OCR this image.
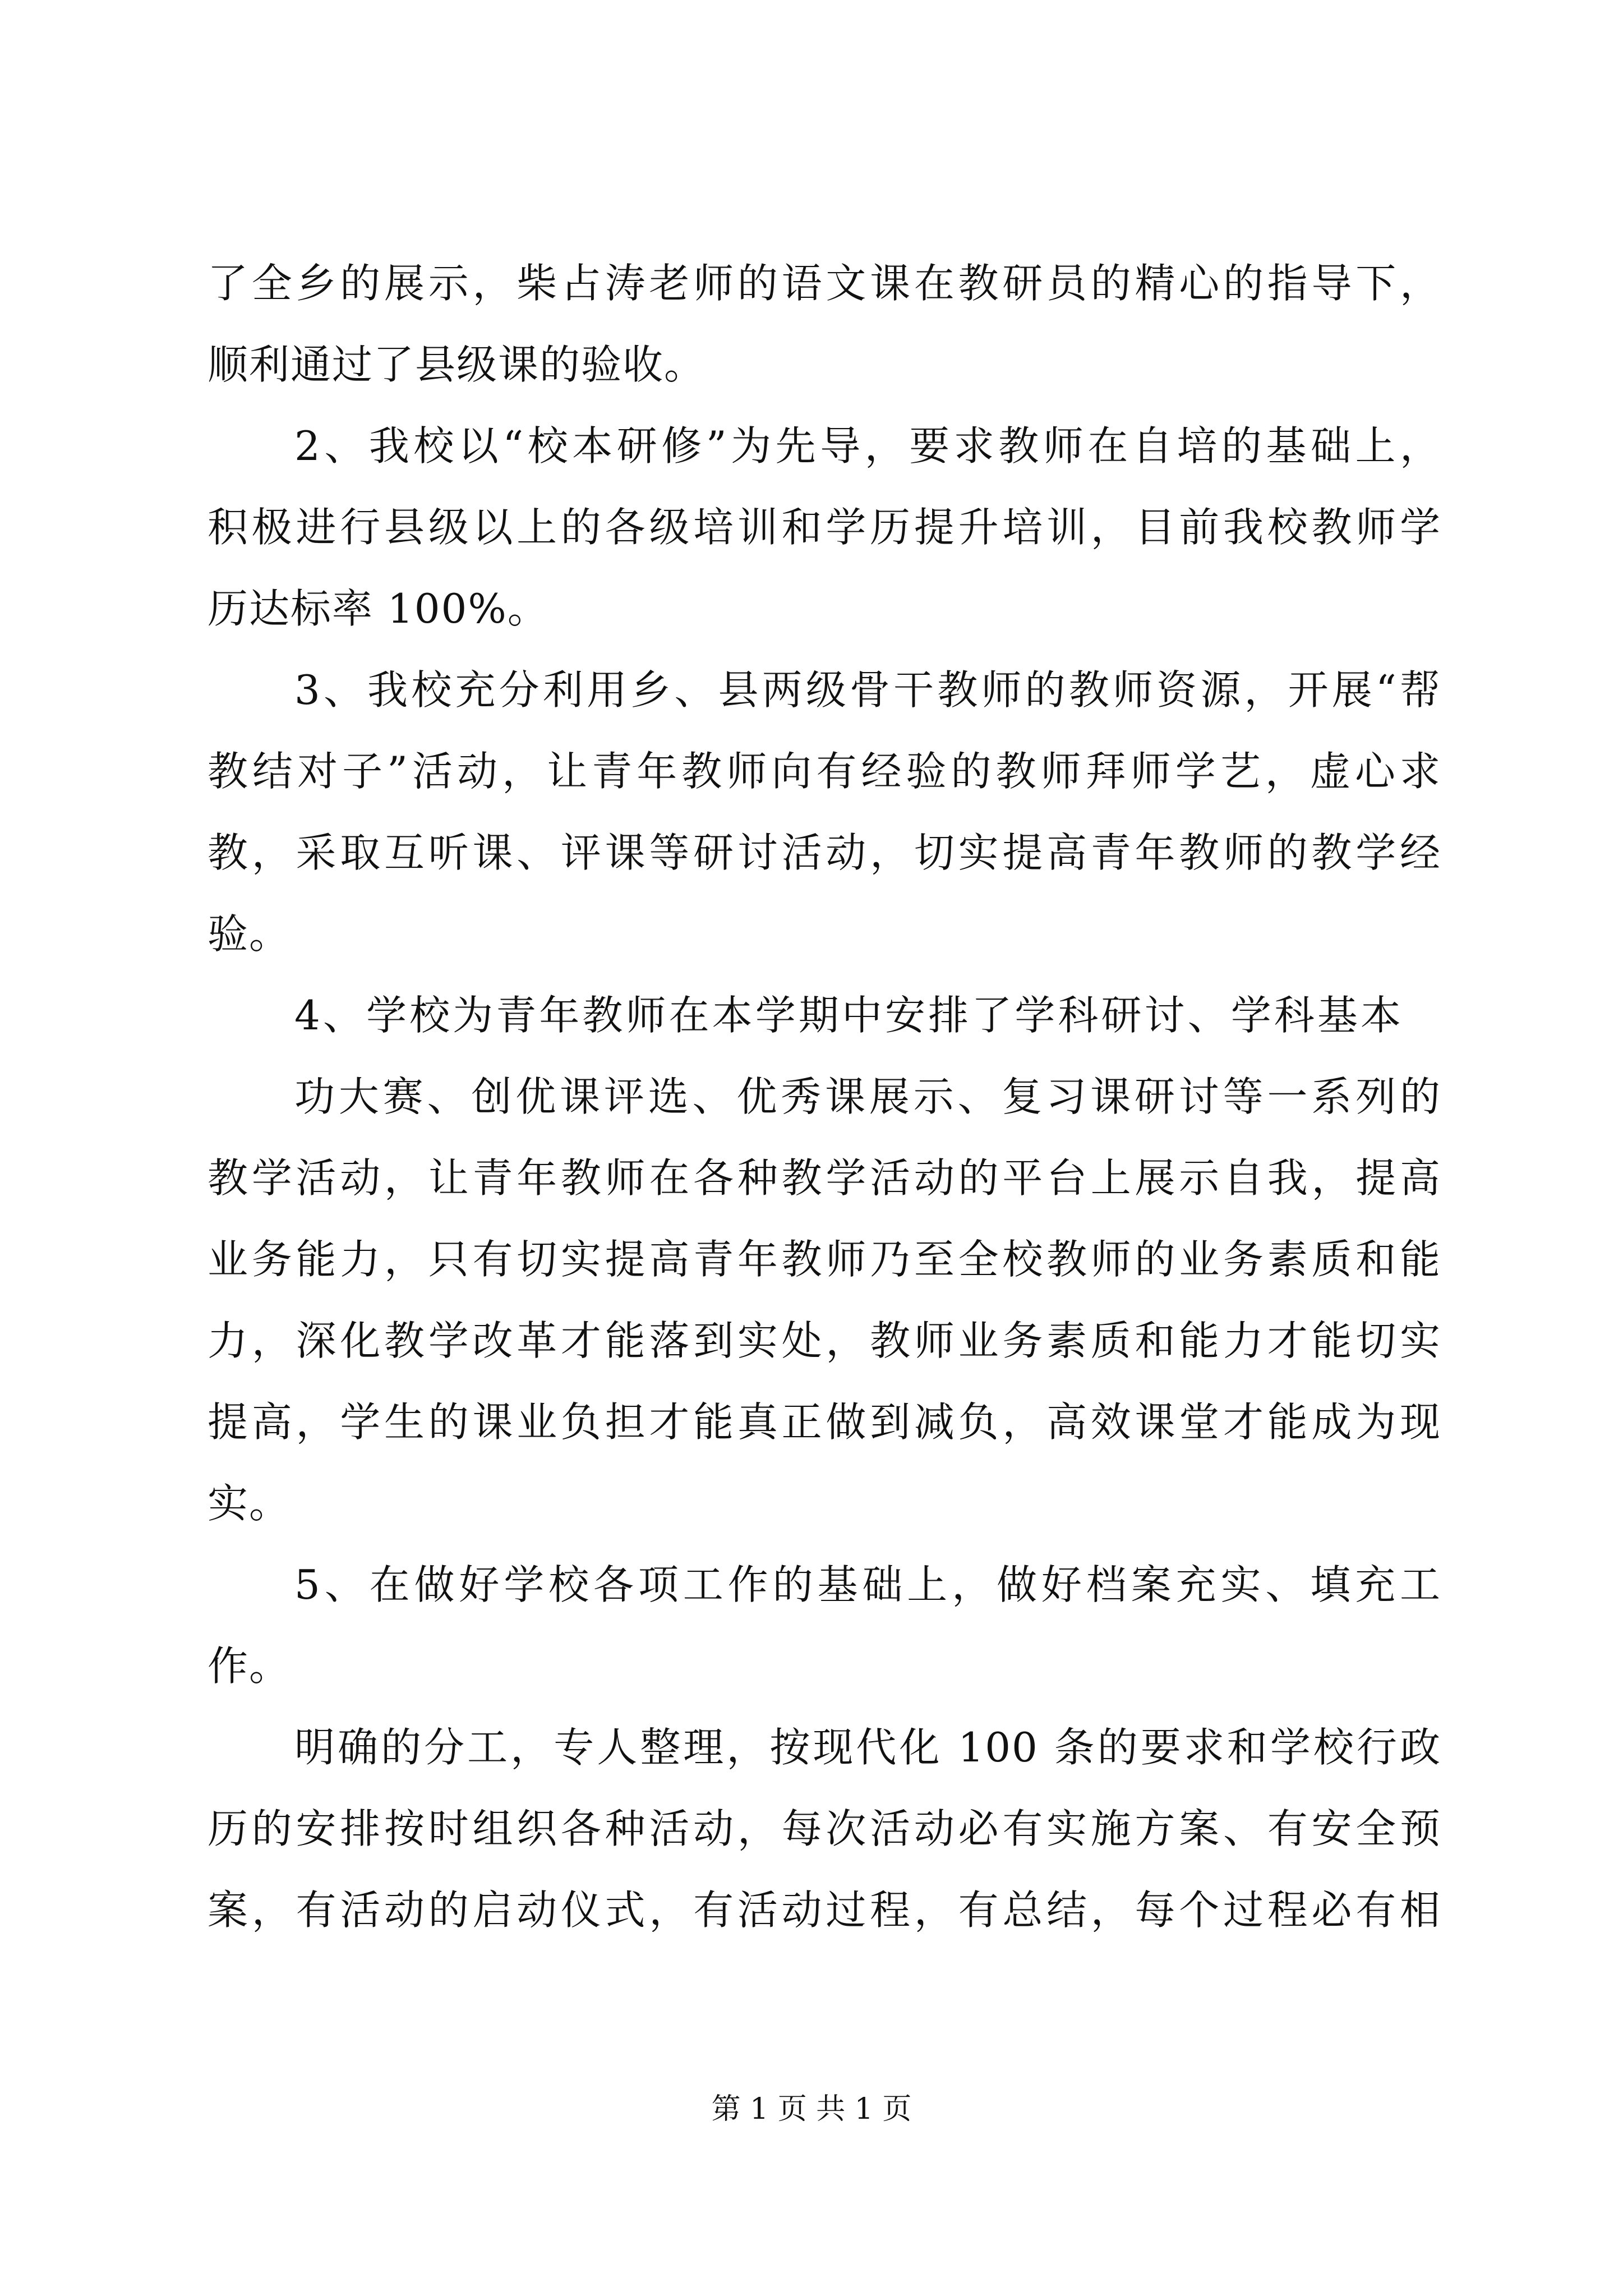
了全乡的展示，柴占涛老师的语文课在教研员的精心的指导下，
顺利通过了县级课的验收。
2、我校以“校本研修”为先导，要求教师在自培的基础上，
积极进行县级以上的各级培训和学历提升培训，目前我校教师学
历达标率 100%。
3、我校充分利用乡、县两级骨干教师的教师资源，开展“帮
教结对子”活动，让青年教师向有经验的教师拜师学艺，虚心求
教，采取互听课、评课等研讨活动，切实提高青年教师的教学经
验。
4、学校为青年教师在本学期中安排了学科研讨、学科基本
功大赛、创优课评选、优秀课展示、复习课研讨等一系列的
教学活动，让青年教师在各种教学活动的平台上展示自我，提高
业务能力，只有切实提高青年教师乃至全校教师的业务素质和能
力，深化教学改革才能落到实处，教师业务素质和能力才能切实
提高，学生的课业负担才能真正做到减负，高效课堂才能成为现
实。
5、在做好学校各项工作的基础上，做好档案充实、填充工
作。
明确的分工，专人整理，按现代化 100 条的要求和学校行政
历的安排按时组织各种活动，每次活动必有实施方案、有安全预
案，有活动的启动仪式，有活动过程，有总结，每个过程必有相
第 1 页 共 1 页
